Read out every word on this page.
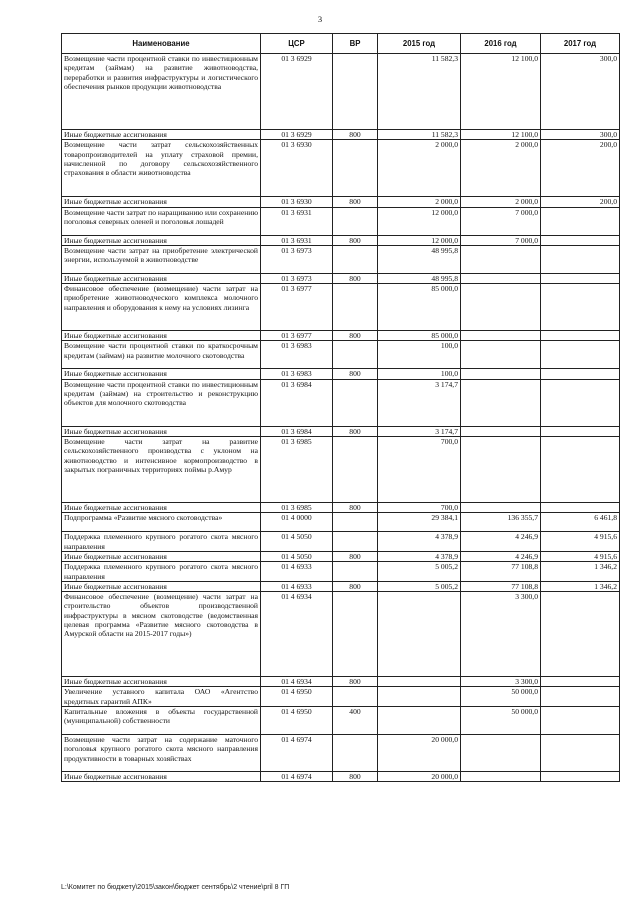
3
Наименование	ЦСР	ВР	2015 год	2016 год	2017 год
Возмещение части процентной ставки по инвестиционным кредитам (займам) на развитие животноводства, переработки и развития инфраструктуры и логистического обеспечения рынков продукции животноводства	01 3 6929		11 582,3	12 100,0	300,0
Иные бюджетные ассигнования	01 3 6929	800	11 582,3	12 100,0	300,0
Возмещение части затрат сельскохозяйственных товаропроизводителей на уплату страховой премии, начисленной по договору сельскохозяйственного страхования в области животноводства	01 3 6930		2 000,0	2 000,0	200,0
Иные бюджетные ассигнования	01 3 6930	800	2 000,0	2 000,0	200,0
Возмещение части затрат по наращиванию или сохранению поголовья северных оленей и поголовья лошадей	01 3 6931		12 000,0	7 000,0	
Иные бюджетные ассигнования	01 3 6931	800	12 000,0	7 000,0	
Возмещение части затрат на приобретение электрической энергии, используемой в животноводстве	01 3 6973		48 995,8		
Иные бюджетные ассигнования	01 3 6973	800	48 995,8		
Финансовое обеспечение (возмещение) части затрат на приобретение животноводческого комплекса молочного направления и оборудования к нему на условиях лизинга	01 3 6977		85 000,0		
Иные бюджетные ассигнования	01 3 6977	800	85 000,0		
Возмещение части процентной ставки по краткосрочным кредитам (займам) на развитие молочного скотоводства	01 3 6983		100,0		
Иные бюджетные ассигнования	01 3 6983	800	100,0		
Возмещение части процентной ставки по инвестиционным кредитам (займам) на строительство и реконструкцию объектов для молочного скотоводства	01 3 6984		3 174,7		
Иные бюджетные ассигнования	01 3 6984	800	3 174,7		
Возмещение части затрат на развитие сельскохозяйственного производства с уклоном на животноводство и интенсивное кормопроизводство в закрытых пограничных территориях поймы р.Амур	01 3 6985		700,0		
Иные бюджетные ассигнования	01 3 6985	800	700,0		
Подпрограмма «Развитие мясного скотоводства»	01 4 0000		29 384,1	136 355,7	6 461,8
Поддержка племенного крупного рогатого скота мясного направления	01 4 5050		4 378,9	4 246,9	4 915,6
Иные бюджетные ассигнования	01 4 5050	800	4 378,9	4 246,9	4 915,6
Поддержка племенного крупного рогатого скота мясного направления	01 4 6933		5 005,2	77 108,8	1 346,2
Иные бюджетные ассигнования	01 4 6933	800	5 005,2	77 108,8	1 346,2
Финансовое обеспечение (возмещение) части затрат на строительство объектов производственной инфраструктуры в мясном скотоводстве (ведомственная целевая программа «Развитие мясного скотоводства в Амурской области на 2015-2017 годы»)	01 4 6934			3 300,0	
Иные бюджетные ассигнования	01 4 6934	800		3 300,0	
Увеличение уставного капитала ОАО «Агентство кредитных гарантий АПК»	01 4 6950			50 000,0	
Капитальные вложения в объекты государственной (муниципальной) собственности	01 4 6950	400		50 000,0	
Возмещение части затрат на содержание маточного поголовья крупного рогатого скота мясного направления продуктивности в товарных хозяйствах	01 4 6974		20 000,0		
Иные бюджетные ассигнования	01 4 6974	800	20 000,0		
L:\Комитет по бюджету\2015\закон\бюджет сентябрь\2 чтение\pril 8 ГП
